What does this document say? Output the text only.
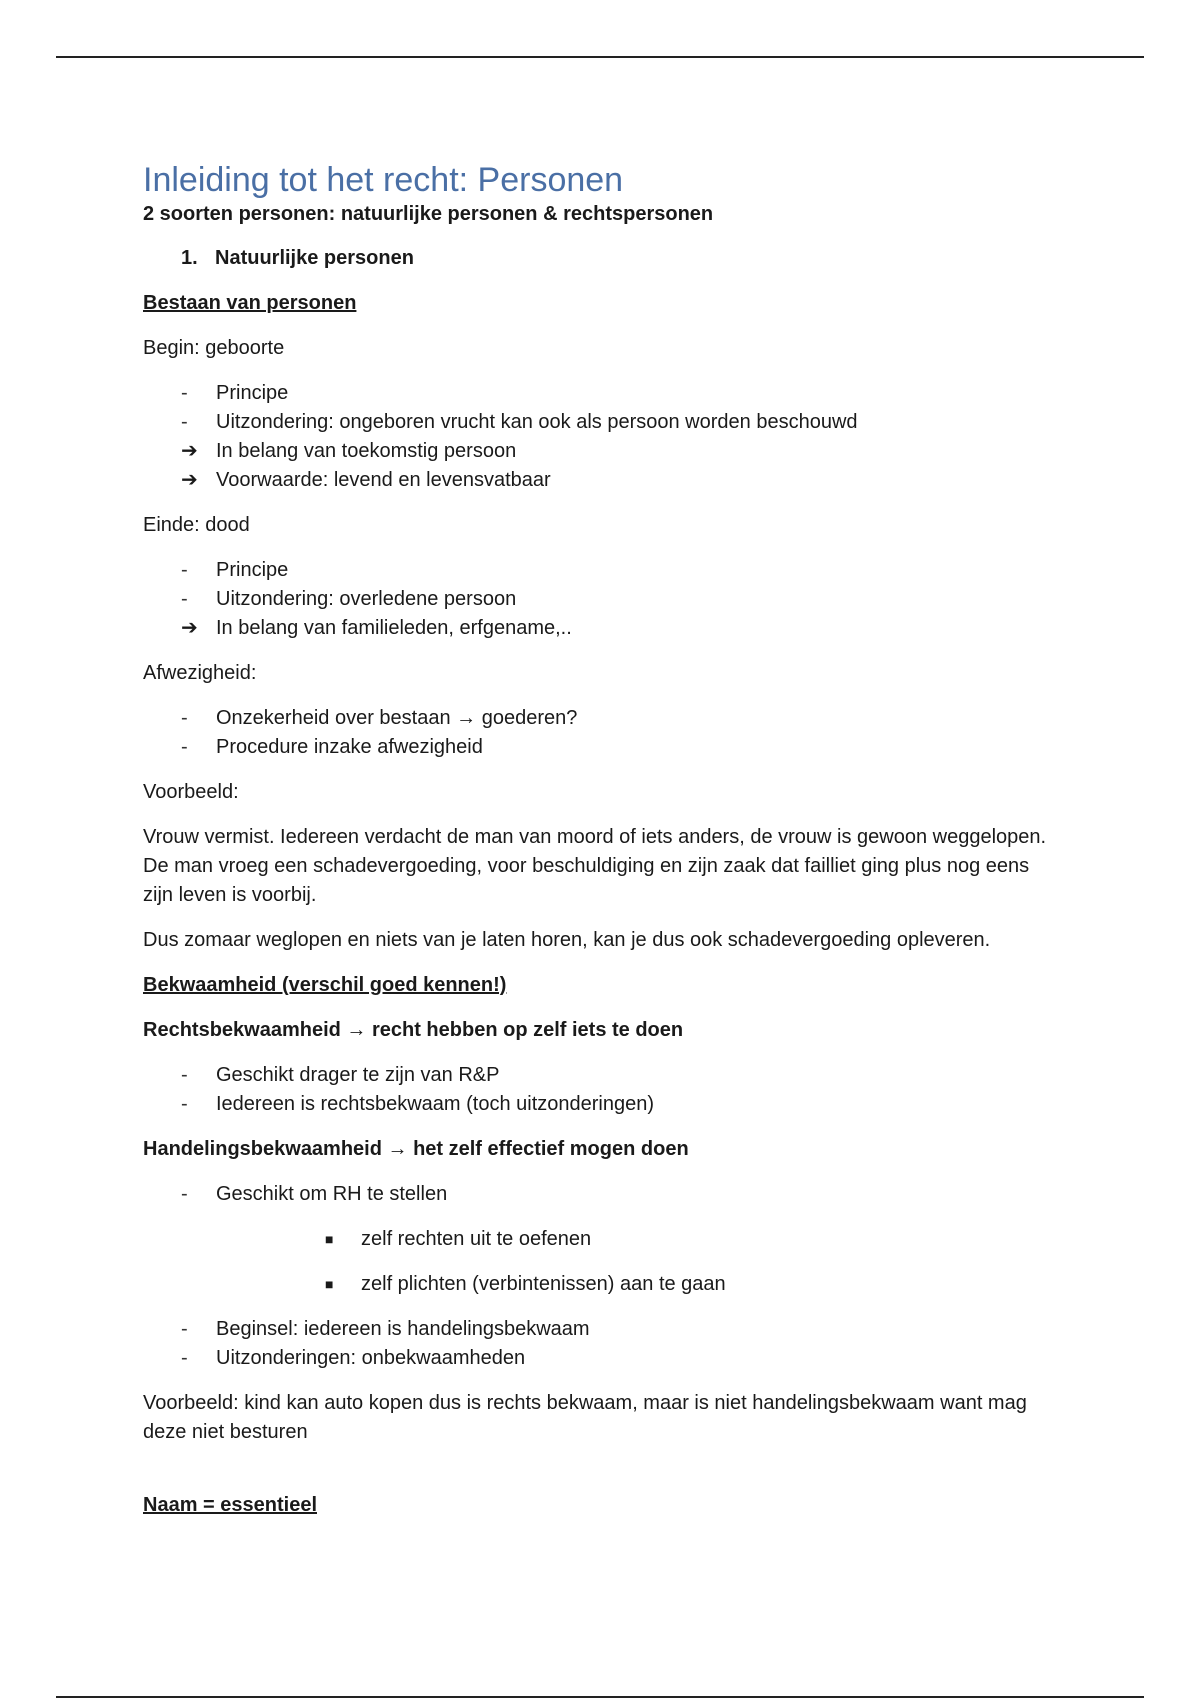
Inleiding tot het recht: Personen
2 soorten personen: natuurlijke personen & rechtspersonen
1. Natuurlijke personen

Bestaan van personen

Begin: geboorte

-	Principe
-	Uitzondering: ongeboren vrucht kan ook als persoon worden beschouwd
➔ In belang van toekomstig persoon
➔ Voorwaarde: levend en levensvatbaar

Einde: dood

-	Principe
-	Uitzondering: overledene persoon
➔ In belang van familieleden, erfgename,..

Afwezigheid:

-	Onzekerheid over bestaan → goederen?
-	Procedure inzake afwezigheid

Voorbeeld:

Vrouw vermist. Iedereen verdacht de man van moord of iets anders, de vrouw is gewoon weggelopen. De man vroeg een schadevergoeding, voor beschuldiging en zijn zaak dat failliet ging plus nog eens zijn leven is voorbij.

Dus zomaar weglopen en niets van je laten horen, kan je dus ook schadevergoeding opleveren.

Bekwaamheid (verschil goed kennen!)

Rechtsbekwaamheid → recht hebben op zelf iets te doen

-	Geschikt drager te zijn van R&P
-	Iedereen is rechtsbekwaam (toch uitzonderingen)

Handelingsbekwaamheid → het zelf effectief mogen doen

-	Geschikt om RH te stellen
■ zelf rechten uit te oefenen
■ zelf plichten (verbintenissen) aan te gaan
-	Beginsel: iedereen is handelingsbekwaam
-	Uitzonderingen: onbekwaamheden

Voorbeeld: kind kan auto kopen dus is rechts bekwaam, maar is niet handelingsbekwaam want mag deze niet besturen

Naam = essentieel
